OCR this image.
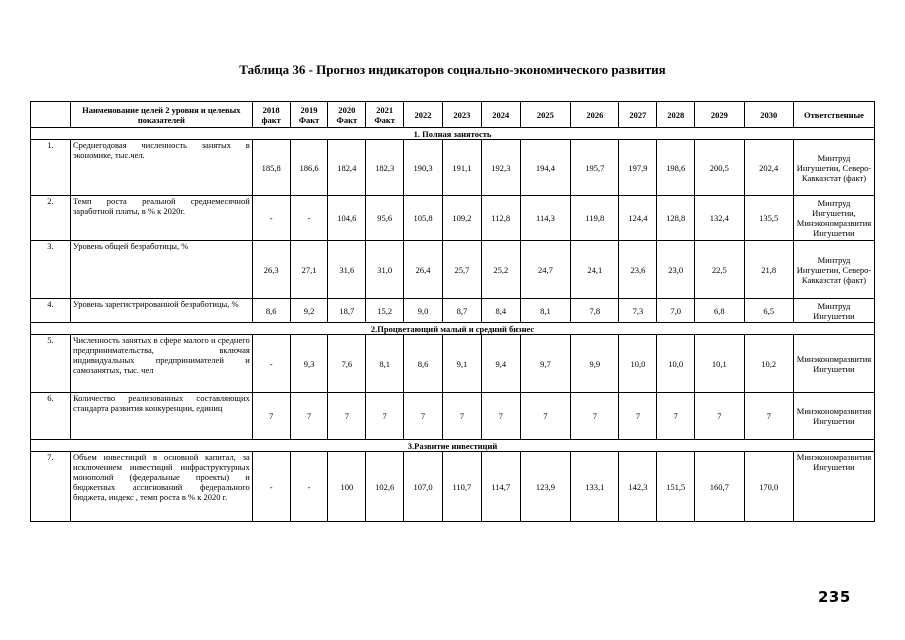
Таблица 36 - Прогноз индикаторов социально-экономического развития
	Наименование целей 2 уровня и целевых показателей	2018 факт	2019 Факт	2020 Факт	2021 Факт	2022	2023	2024	2025	2026	2027	2028	2029	2030	Ответственные
1. Полная занятость															
1.	Среднегодовая численность занятых в экономике, тыс.чел.	185,8	186,6	182,4	182,3	190,3	191,1	192,3	194,4	195,7	197,9	198,6	200,5	202,4	Минтруд Ингушетии, Северо-Кавказстат (факт)
2.	Темп роста реальной среднемесячной заработной платы, в % к 2020г.	-	-	104,6	95,6	105,8	109,2	112,8	114,3	119,8	124,4	128,8	132,4	135,5	Минтруд Ингушетии, Минэкономразвития Ингушетии
3.	Уровень общей безработицы, %	26,3	27,1	31,6	31,0	26,4	25,7	25,2	24,7	24,1	23,6	23,0	22,5	21,8	Минтруд Ингушетии, Северо-Кавказстат (факт)
4.	Уровень зарегистрированной безработицы, %	8,6	9,2	18,7	15,2	9,0	8,7	8,4	8,1	7,8	7,3	7,0	6,8	6,5	Минтруд Ингушетии
2.Процветающий малый и средний бизнес															
5.	Численность занятых в сфере малого и среднего предпринимательства, включая индивидуальных предпринимателей и самозанятых, тыс. чел	-	9,3	7,6	8,1	8,6	9,1	9,4	9,7	9,9	10,0	10,0	10,1	10,2	Минэкономразвития Ингушетии
6.	Количество реализованных составляющих стандарта развития конкуренции, единиц	7	7	7	7	7	7	7	7	7	7	7	7	7	Минэкономразвития Ингушетии
3.Развитие инвестиций															
7.	Объем инвестиций в основной капитал, за исключением инвестиций инфраструктурных монополий (федеральные проекты) и бюджетных ассигнований федерального бюджета, индекс , темп роста в % к 2020 г.	-	-	100	102,6	107,0	110,7	114,7	123,9	133,1	142,3	151,5	160,7	170,0	Минэкономразвития Ингушетии
235
